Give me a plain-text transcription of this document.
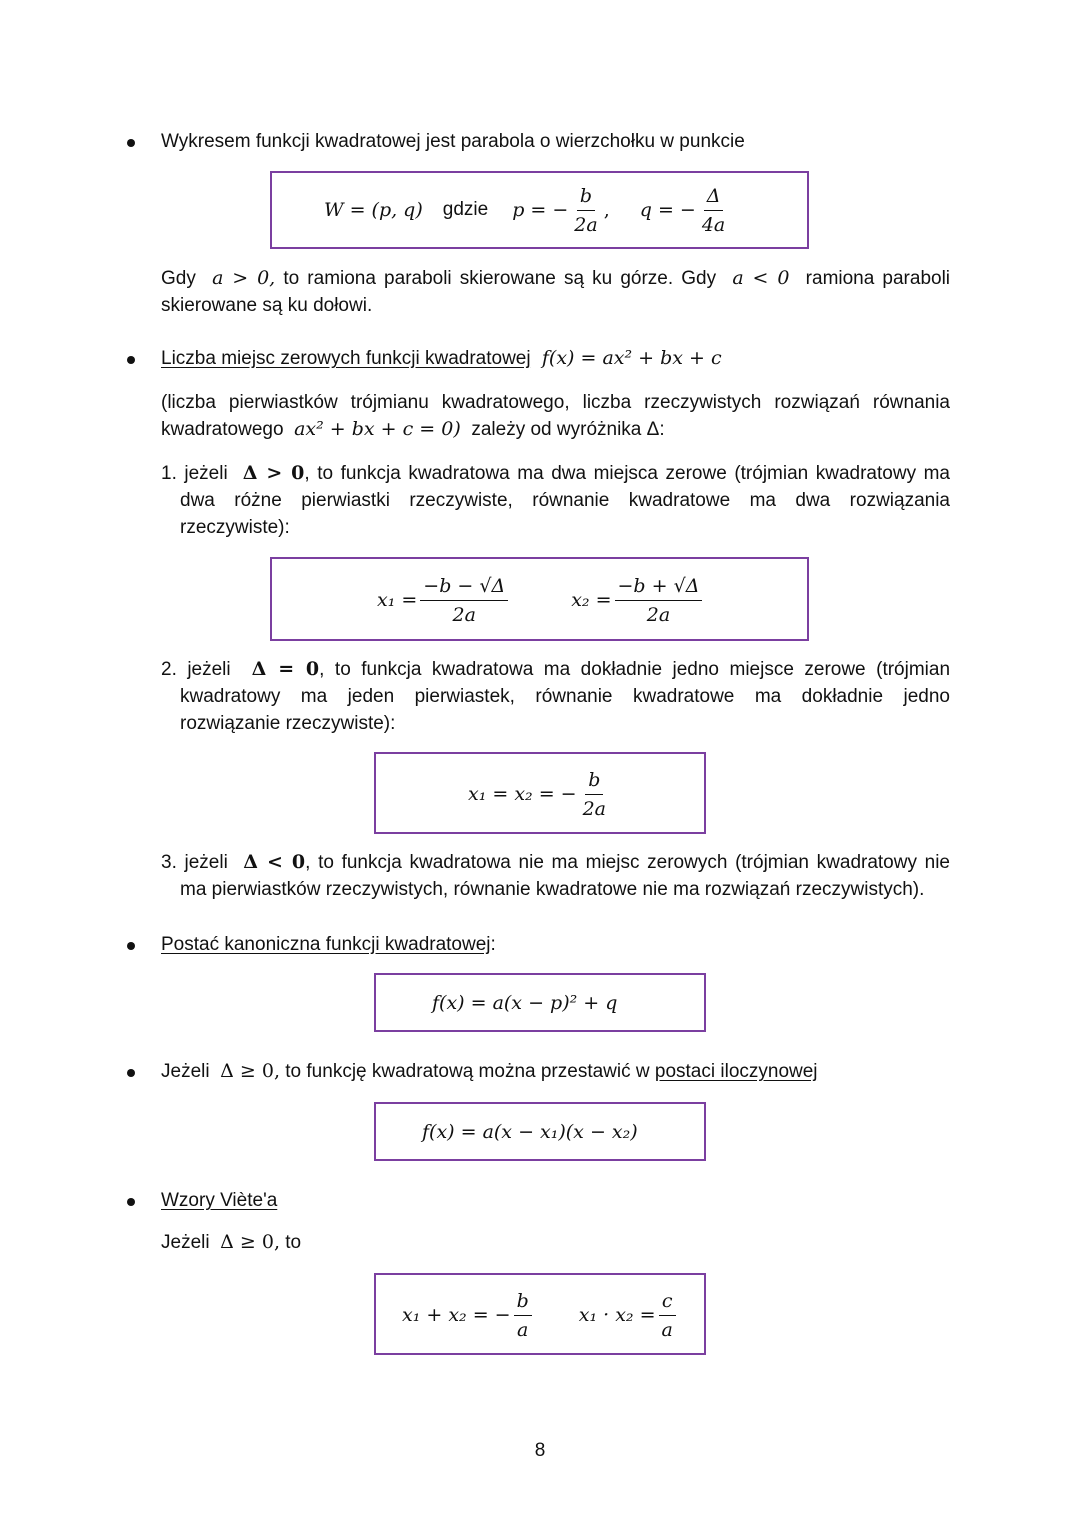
Wykresem funkcji kwadratowej jest parabola o wierzchołku w punkcie
W = (p, q) gdzie p = − $\frac{b}{2a}$ , q = − $\frac{\Delta}{4a}$
Gdy a > 0, to ramiona paraboli skierowane są ku górze. Gdy a < 0 ramiona paraboli
skierowane są ku dołowi.
Liczba miejsc zerowych funkcji kwadratowej f(x) = ax² + bx + c
(liczba pierwiastków trójmianu kwadratowego, liczba rzeczywistych rozwiązań równania
kwadratowego ax² + bx + c = 0) zależy od wyróżnika Δ:
1. jeżeli Δ > 0, to funkcja kwadratowa ma dwa miejsca zerowe (trójmian kwadratowy ma
dwa różne pierwiastki rzeczywiste, równanie kwadratowe ma dwa rozwiązania
rzeczywiste):
$x_1 = \frac{-b - √\Delta}{2a}$	$x_2 = \frac{-b + √\Delta}{2a}$
2. jeżeli Δ = 0, to funkcja kwadratowa ma dokładnie jedno miejsce zerowe (trójmian
kwadratowy ma jeden pierwiastek, równanie kwadratowe ma dokładnie jedno
rozwiązanie rzeczywiste):
x₁ = x₂ = − $\frac{b}{2a}$
3. jeżeli Δ < 0, to funkcja kwadratowa nie ma miejsc zerowych (trójmian kwadratowy nie
ma pierwiastków rzeczywistych, równanie kwadratowe nie ma rozwiązań rzeczywistych).
Postać kanoniczna funkcji kwadratowej:
f(x) = a(x − p)² + q
Jeżeli Δ ≥ 0, to funkcję kwadratową można przestawić w postaci iloczynowej
f(x) = a(x − x₁)(x − x₂)
Wzory Viète'a
Jeżeli Δ ≥ 0, to
x₁ + x₂ = − $\frac{b}{a} x_1 \cdot x_2 = \frac{c}{a}$
8
